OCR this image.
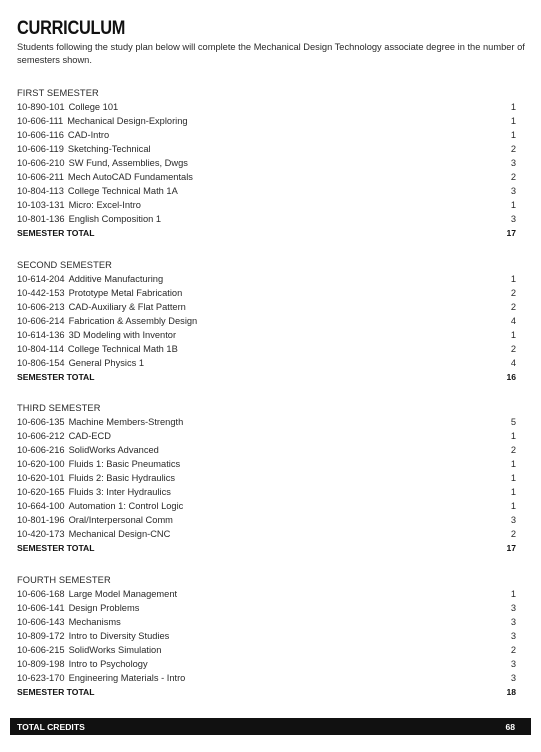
CURRICULUM

Students following the study plan below will complete the Mechanical Design Technology associate degree in the number of semesters shown.

FIRST SEMESTER
10-890-101 College 101	1
10-606-111 Mechanical Design-Exploring	1
10-606-116 CAD-Intro	1
10-606-119 Sketching-Technical	2
10-606-210 SW Fund, Assemblies, Dwgs	3
10-606-211 Mech AutoCAD Fundamentals	2
10-804-113 College Technical Math 1A	3
10-103-131 Micro: Excel-Intro	1
10-801-136 English Composition 1	3
SEMESTER TOTAL	17
SECOND SEMESTER
10-614-204 Additive Manufacturing	1
10-442-153 Prototype Metal Fabrication	2
10-606-213 CAD-Auxiliary & Flat Pattern	2
10-606-214 Fabrication & Assembly Design	4
10-614-136 3D Modeling with Inventor	1
10-804-114 College Technical Math 1B	2
10-806-154 General Physics 1	4
SEMESTER TOTAL	16
THIRD SEMESTER
10-606-135 Machine Members-Strength	5
10-606-212 CAD-ECD	1
10-606-216 SolidWorks Advanced	2
10-620-100 Fluids 1: Basic Pneumatics	1
10-620-101 Fluids 2: Basic Hydraulics	1
10-620-165 Fluids 3: Inter Hydraulics	1
10-664-100 Automation 1: Control Logic	1
10-801-196 Oral/Interpersonal Comm	3
10-420-173 Mechanical Design-CNC	2
SEMESTER TOTAL	17
FOURTH SEMESTER
10-606-168 Large Model Management	1
10-606-141 Design Problems	3
10-606-143 Mechanisms	3
10-809-172 Intro to Diversity Studies	3
10-606-215 SolidWorks Simulation	2
10-809-198 Intro to Psychology	3
10-623-170 Engineering Materials - Intro	3
SEMESTER TOTAL	18
TOTAL CREDITS	68
